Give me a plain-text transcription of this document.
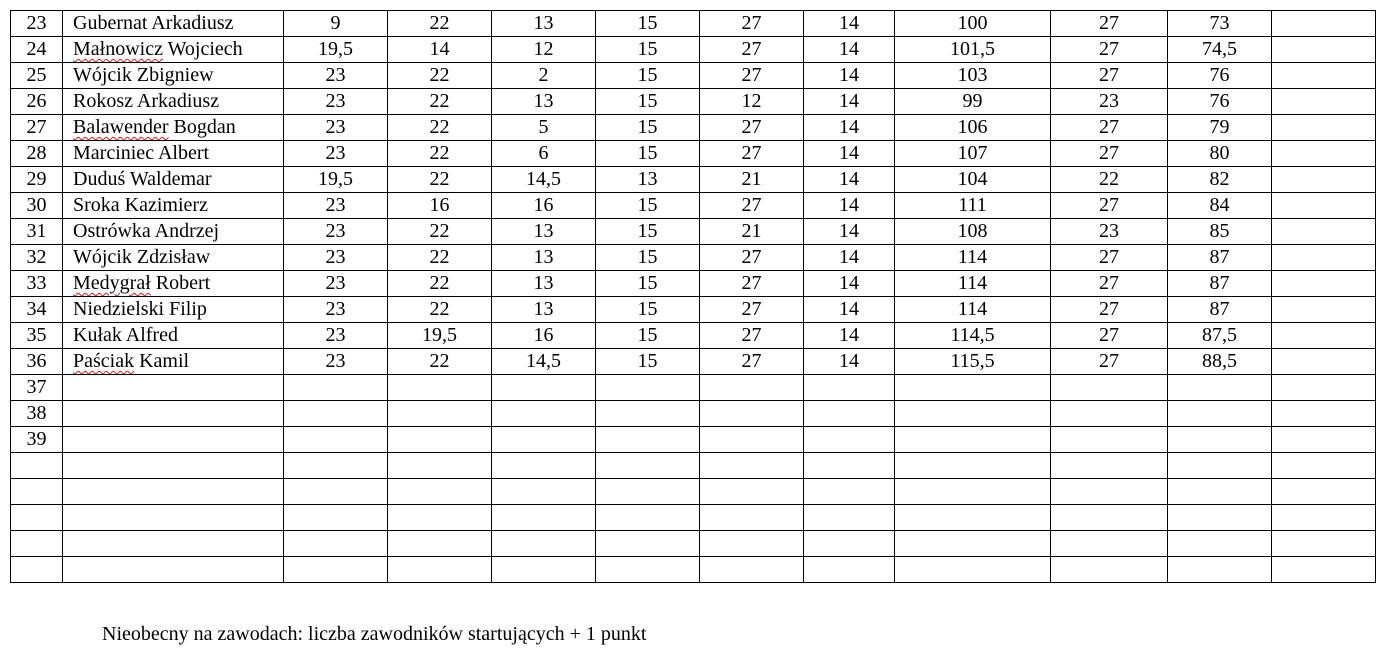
23	Gubernat Arkadiusz	9	22	13	15	27	14	100	27	73	
24	Małnowicz Wojciech	19,5	14	12	15	27	14	101,5	27	74,5	
25	Wójcik Zbigniew	23	22	2	15	27	14	103	27	76	
26	Rokosz Arkadiusz	23	22	13	15	12	14	99	23	76	
27	Balawender Bogdan	23	22	5	15	27	14	106	27	79	
28	Marciniec Albert	23	22	6	15	27	14	107	27	80	
29	Duduś Waldemar	19,5	22	14,5	13	21	14	104	22	82	
30	Sroka Kazimierz	23	16	16	15	27	14	111	27	84	
31	Ostrówka Andrzej	23	22	13	15	21	14	108	23	85	
32	Wójcik Zdzisław	23	22	13	15	27	14	114	27	87	
33	Medygrał Robert	23	22	13	15	27	14	114	27	87	
34	Niedzielski Filip	23	22	13	15	27	14	114	27	87	
35	Kułak Alfred	23	19,5	16	15	27	14	114,5	27	87,5	
36	Paściak Kamil	23	22	14,5	15	27	14	115,5	27	88,5	
37											
38											
39											

Nieobecny na zawodach: liczba zawodników startujących + 1 punkt
